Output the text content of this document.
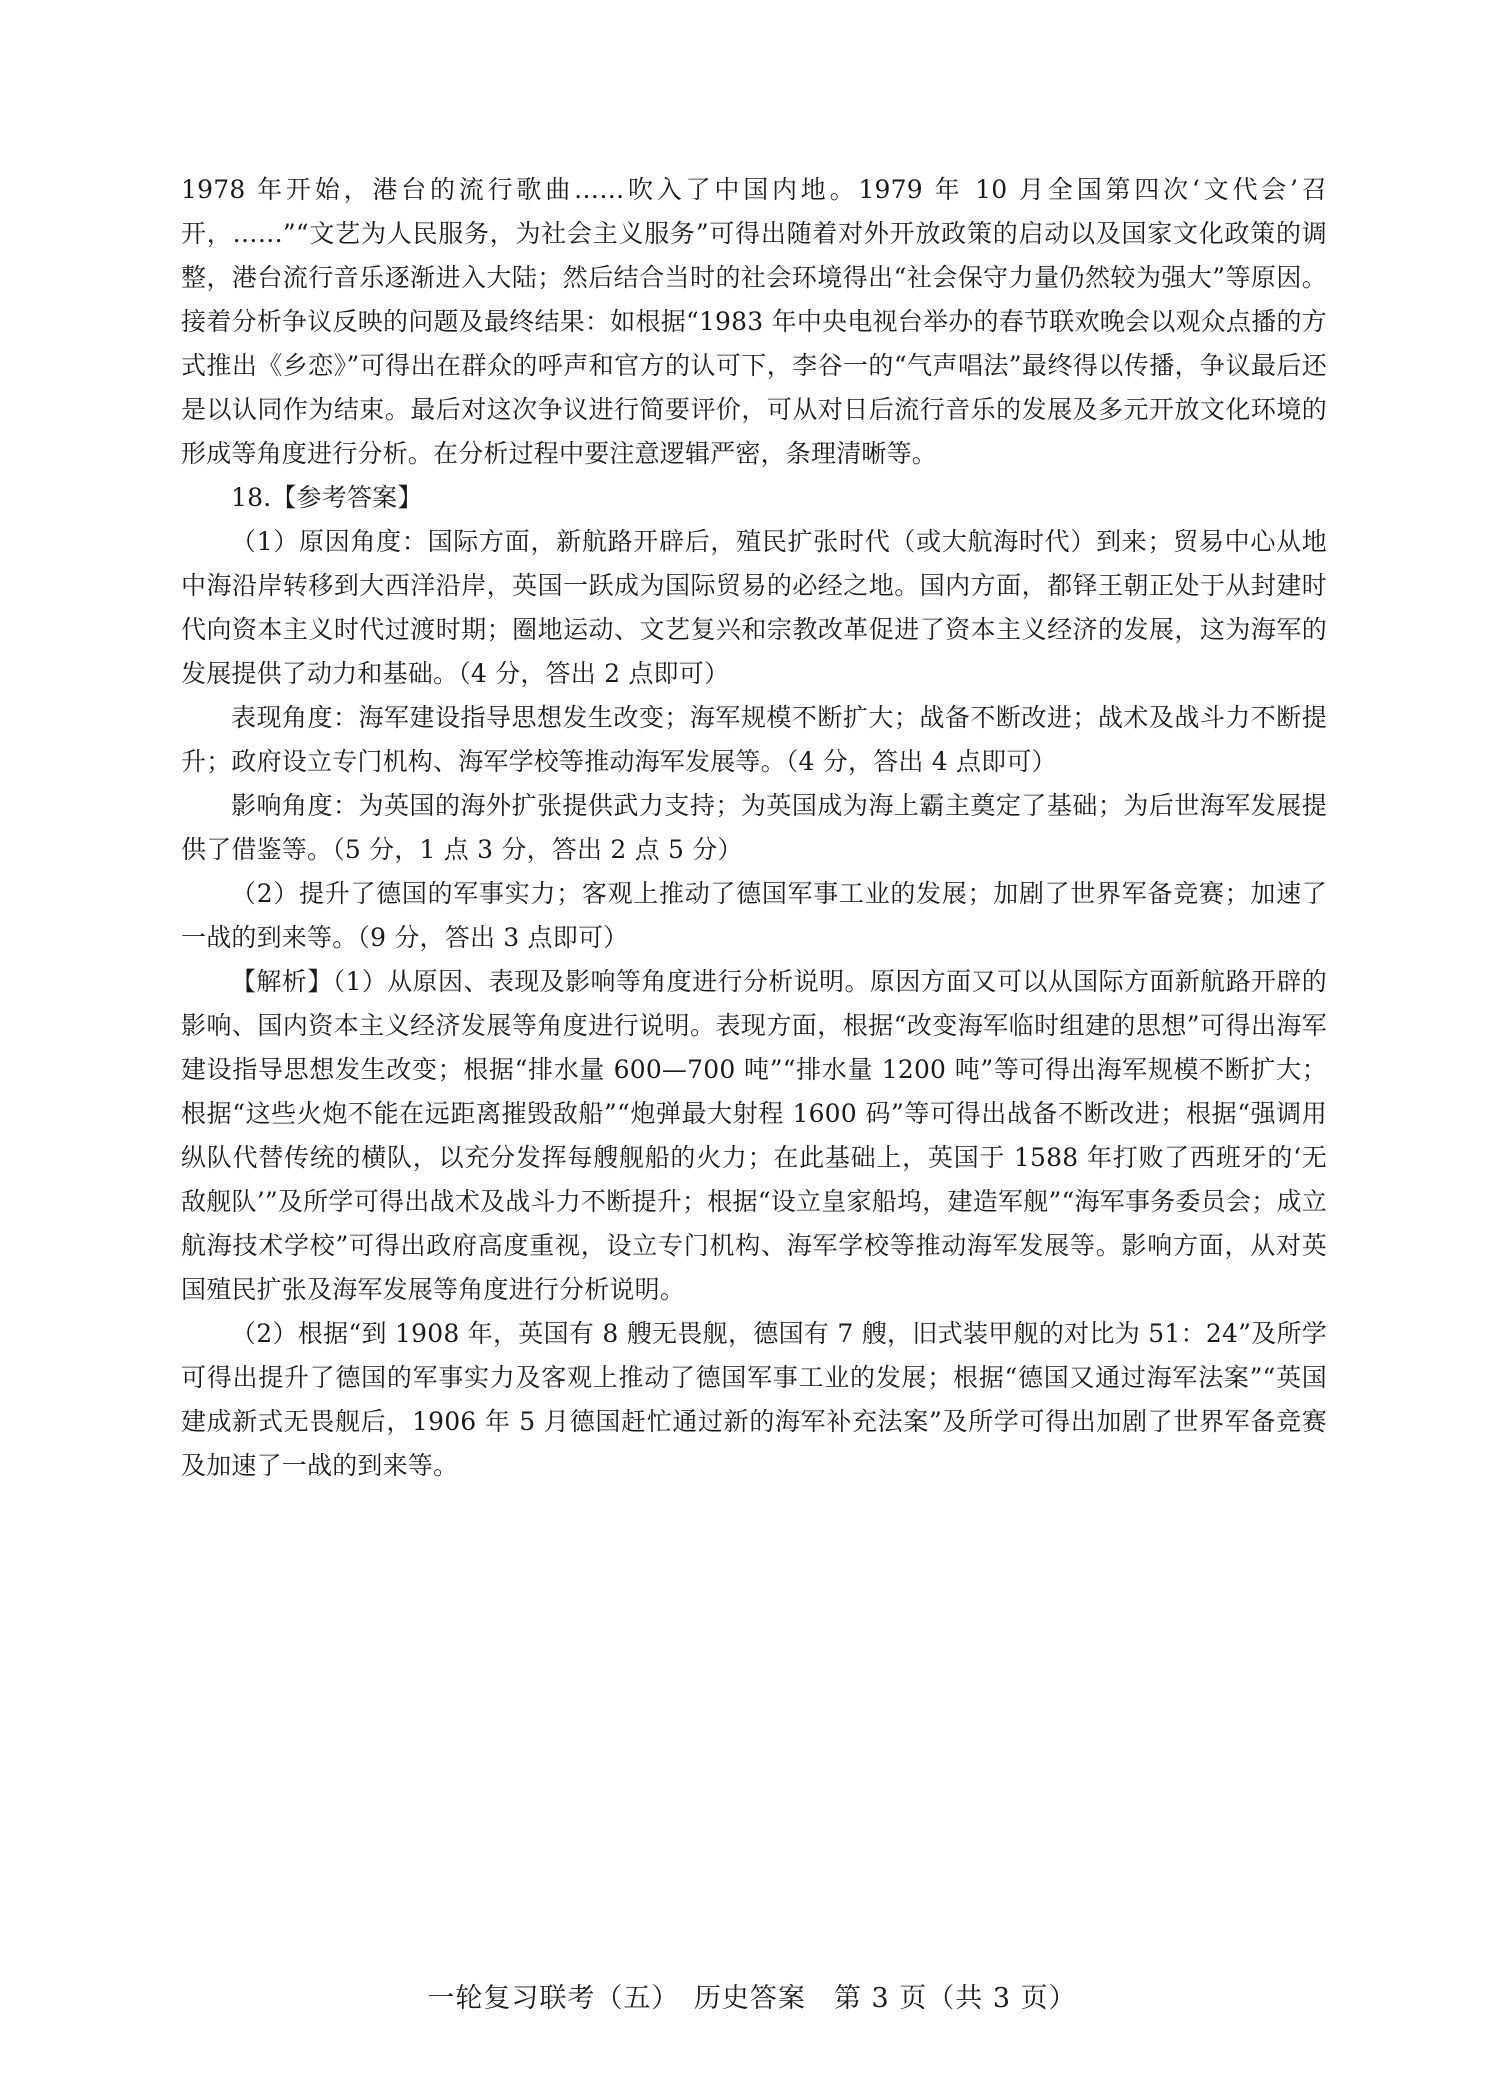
1978 年开始，港台的流行歌曲……吹入了中国内地。1979 年 10 月全国第四次‘文代会’召开，……”“文艺为人民服务，为社会主义服务”可得出随着对外开放政策的启动以及国家文化政策的调整，港台流行音乐逐渐进入大陆；然后结合当时的社会环境得出“社会保守力量仍然较为强大”等原因。接着分析争议反映的问题及最终结果：如根据“1983 年中央电视台举办的春节联欢晚会以观众点播的方式推出《乡恋》”可得出在群众的呼声和官方的认可下，李谷一的“气声唱法”最终得以传播，争议最后还是以认同作为结束。最后对这次争议进行简要评价，可从对日后流行音乐的发展及多元开放文化环境的形成等角度进行分析。在分析过程中要注意逻辑严密，条理清晰等。

18.【参考答案】

（1）原因角度：国际方面，新航路开辟后，殖民扩张时代（或大航海时代）到来；贸易中心从地中海沿岸转移到大西洋沿岸，英国一跃成为国际贸易的必经之地。国内方面，都铎王朝正处于从封建时代向资本主义时代过渡时期；圈地运动、文艺复兴和宗教改革促进了资本主义经济的发展，这为海军的发展提供了动力和基础。（4 分，答出 2 点即可）

表现角度：海军建设指导思想发生改变；海军规模不断扩大；战备不断改进；战术及战斗力不断提升；政府设立专门机构、海军学校等推动海军发展等。（4 分，答出 4 点即可）

影响角度：为英国的海外扩张提供武力支持；为英国成为海上霸主奠定了基础；为后世海军发展提供了借鉴等。（5 分，1 点 3 分，答出 2 点 5 分）

（2）提升了德国的军事实力；客观上推动了德国军事工业的发展；加剧了世界军备竞赛；加速了一战的到来等。（9 分，答出 3 点即可）

【解析】（1）从原因、表现及影响等角度进行分析说明。原因方面又可以从国际方面新航路开辟的影响、国内资本主义经济发展等角度进行说明。表现方面，根据“改变海军临时组建的思想”可得出海军建设指导思想发生改变；根据“排水量 600—700 吨”“排水量 1200 吨”等可得出海军规模不断扩大；根据“这些火炮不能在远距离摧毁敌船”“炮弹最大射程 1600 码”等可得出战备不断改进；根据“强调用纵队代替传统的横队，以充分发挥每艘舰船的火力；在此基础上，英国于 1588 年打败了西班牙的‘无敌舰队’”及所学可得出战术及战斗力不断提升；根据“设立皇家船坞，建造军舰”“海军事务委员会；成立航海技术学校”可得出政府高度重视，设立专门机构、海军学校等推动海军发展等。影响方面，从对英国殖民扩张及海军发展等角度进行分析说明。

（2）根据“到 1908 年，英国有 8 艘无畏舰，德国有 7 艘，旧式装甲舰的对比为 51：24”及所学可得出提升了德国的军事实力及客观上推动了德国军事工业的发展；根据“德国又通过海军法案”“英国建成新式无畏舰后，1906 年 5 月德国赶忙通过新的海军补充法案”及所学可得出加剧了世界军备竞赛及加速了一战的到来等。

一轮复习联考（五）　历史答案　第 3 页（共 3 页）
